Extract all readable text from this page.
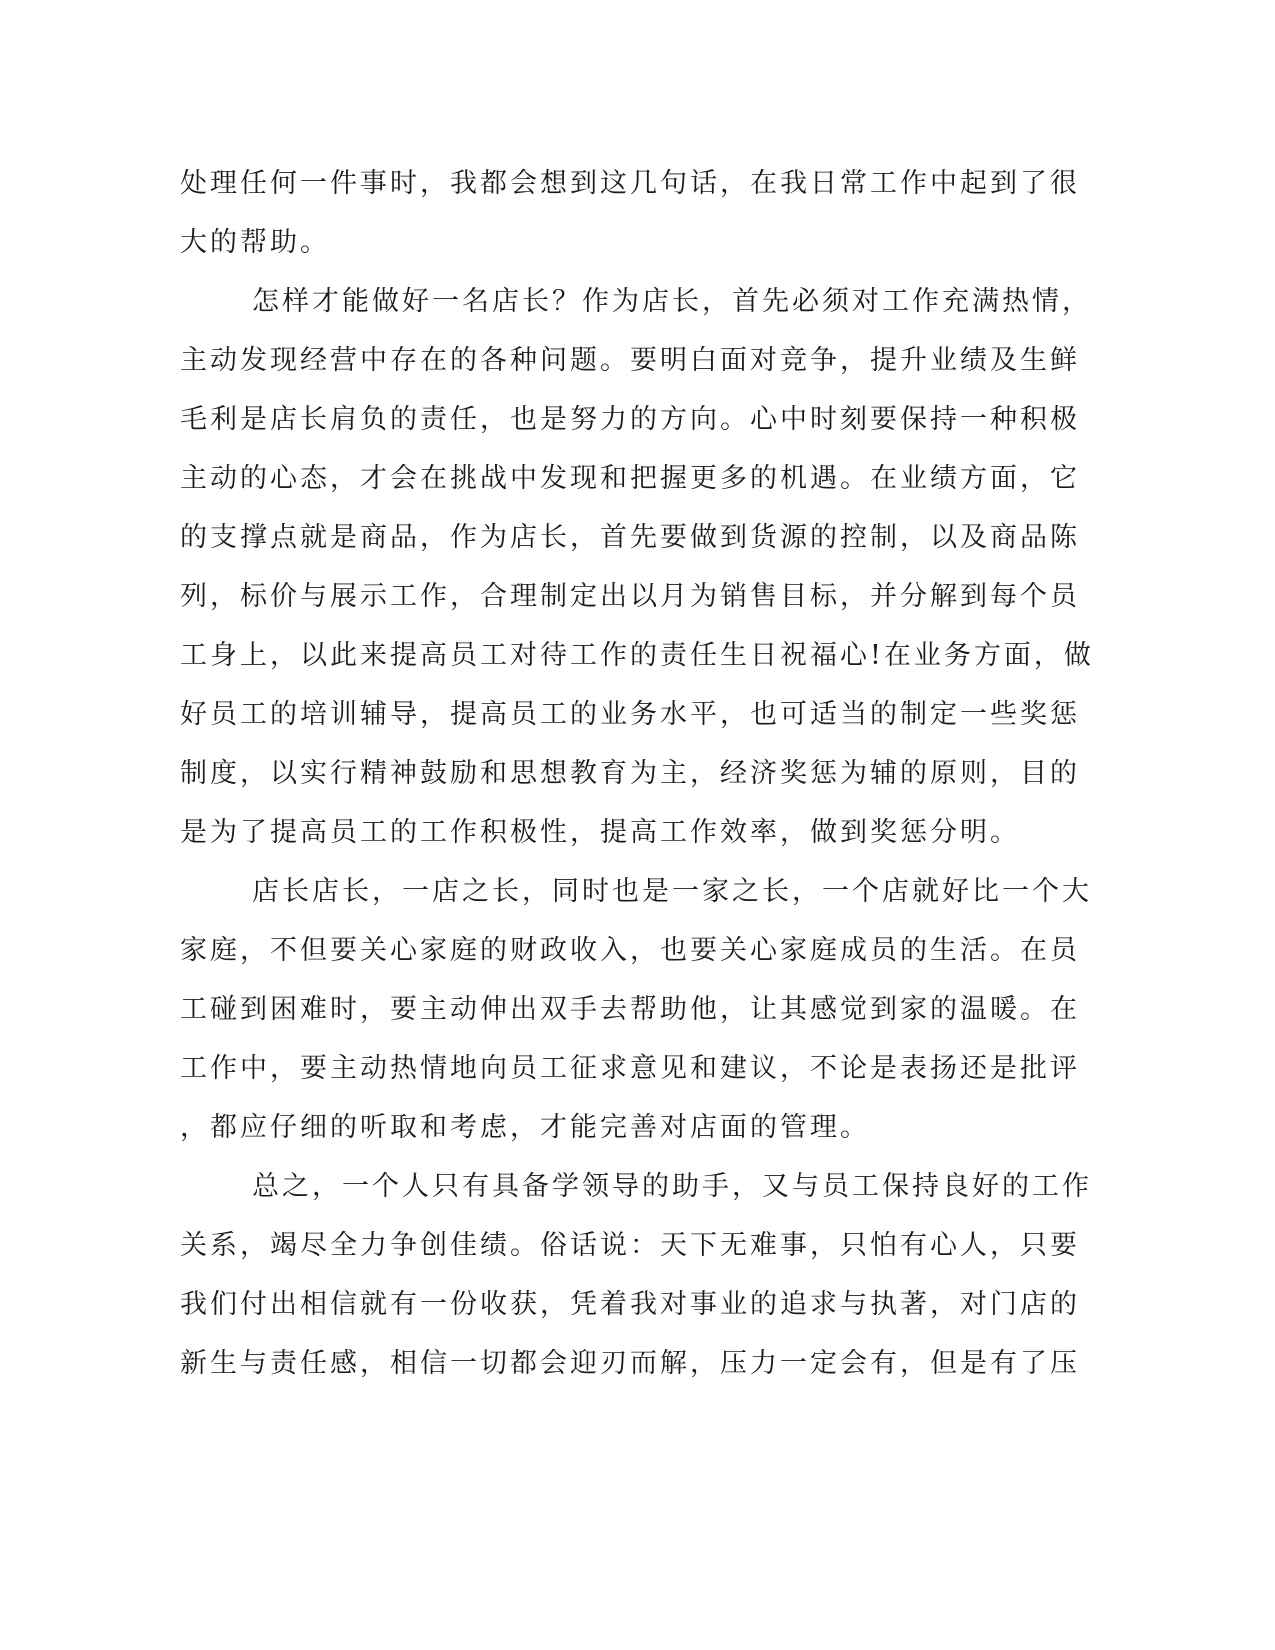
处理任何一件事时，我都会想到这几句话，在我日常工作中起到了很
大的帮助。
怎样才能做好一名店长？作为店长，首先必须对工作充满热情，
主动发现经营中存在的各种问题。要明白面对竞争，提升业绩及生鲜
毛利是店长肩负的责任，也是努力的方向。心中时刻要保持一种积极
主动的心态，才会在挑战中发现和把握更多的机遇。在业绩方面，它
的支撑点就是商品，作为店长，首先要做到货源的控制，以及商品陈
列，标价与展示工作，合理制定出以月为销售目标，并分解到每个员
工身上，以此来提高员工对待工作的责任生日祝福心!在业务方面，做
好员工的培训辅导，提高员工的业务水平，也可适当的制定一些奖惩
制度，以实行精神鼓励和思想教育为主，经济奖惩为辅的原则，目的
是为了提高员工的工作积极性，提高工作效率，做到奖惩分明。
店长店长，一店之长，同时也是一家之长，一个店就好比一个大
家庭，不但要关心家庭的财政收入，也要关心家庭成员的生活。在员
工碰到困难时，要主动伸出双手去帮助他，让其感觉到家的温暖。在
工作中，要主动热情地向员工征求意见和建议，不论是表扬还是批评
，都应仔细的听取和考虑，才能完善对店面的管理。
总之，一个人只有具备学领导的助手，又与员工保持良好的工作
关系，竭尽全力争创佳绩。俗话说：天下无难事，只怕有心人，只要
我们付出相信就有一份收获，凭着我对事业的追求与执著，对门店的
新生与责任感，相信一切都会迎刃而解，压力一定会有，但是有了压
